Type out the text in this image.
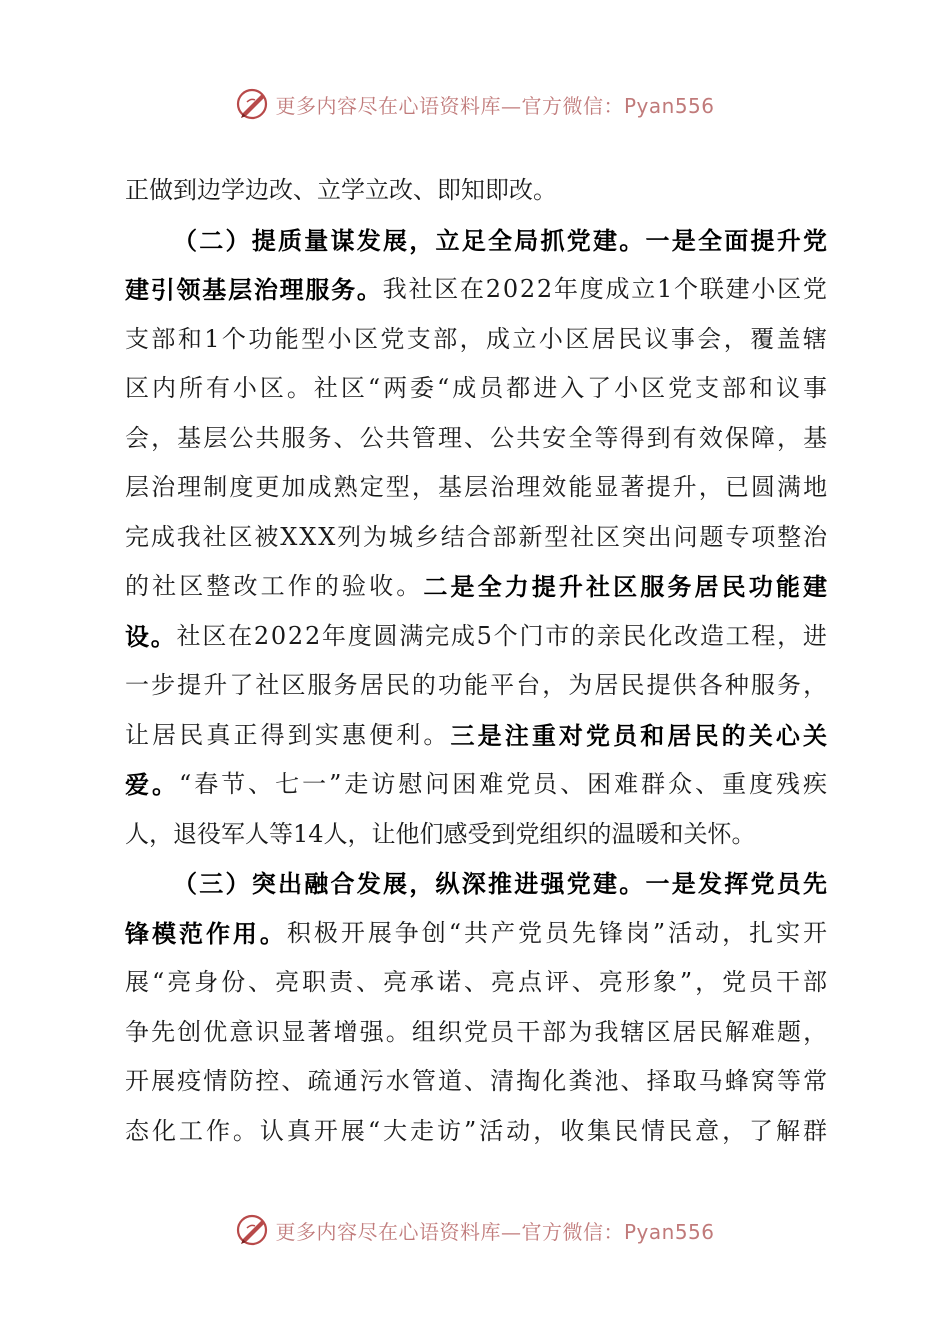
更多内容尽在心语资料库—官方微信：Pyan556
正做到边学边改、立学立改、即知即改。
（二）提质量谋发展，立足全局抓党建。一是全面提升党
建引领基层治理服务。 我社区在2022年度成立1个联建小区党
支部和1个功能型小区党支部，成立小区居民议事会，覆盖辖
区内所有小区。社区“两委“成员都进入了小区党支部和议事
会，基层公共服务、公共管理、公共安全等得到有效保障，基
层治理制度更加成熟定型，基层治理效能显著提升，已圆满地
完成我社区被XXX列为城乡结合部新型社区突出问题专项整治
的社区整改工作的验收。 二是全力提升社区服务居民功能建
设。 社区在2022年度圆满完成5个门市的亲民化改造工程，进
一步提升了社区服务居民的功能平台，为居民提供各种服务，
让居民真正得到实惠便利。 三是注重对党员和居民的关心关
爱。 “春节、七一”走访慰问困难党员、困难群众、重度残疾
人，退役军人等14人，让他们感受到党组织的温暖和关怀。
（三）突出融合发展，纵深推进强党建。一是发挥党员先
锋模范作用。 积极开展争创“共产党员先锋岗”活动，扎实开
展“亮身份、亮职责、亮承诺、亮点评、亮形象”，党员干部
争先创优意识显著增强。组织党员干部为我辖区居民解难题，
开展疫情防控、疏通污水管道、清掏化粪池、择取马蜂窝等常
态化工作。认真开展“大走访”活动，收集民情民意，了解群
更多内容尽在心语资料库—官方微信：Pyan556
